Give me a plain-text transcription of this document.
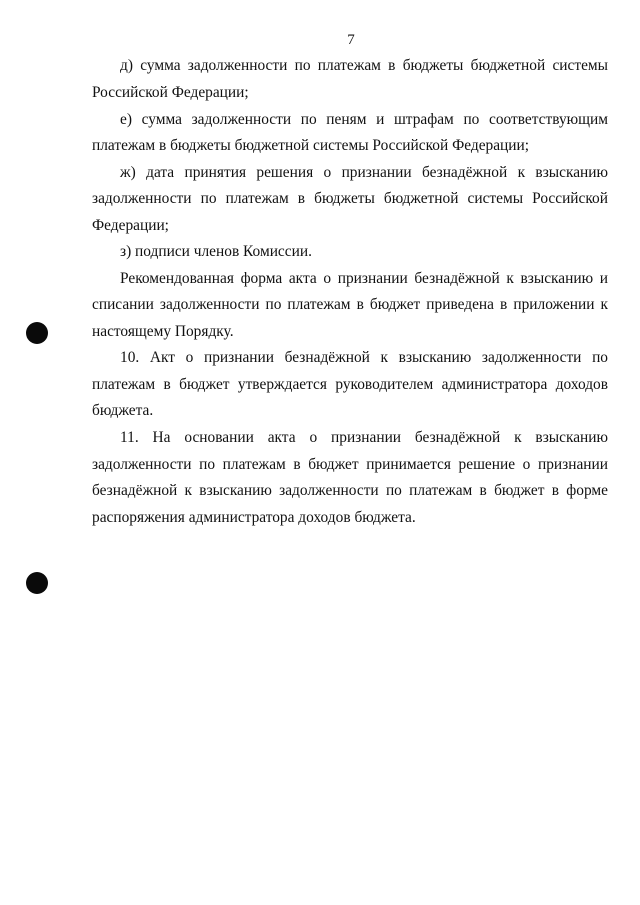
7
д) сумма задолженности по платежам в бюджеты бюджетной системы
Российской Федерации;
е) сумма задолженности по пеням и штрафам по соответствующим
платежам в бюджеты бюджетной системы Российской Федерации;
ж) дата принятия решения о признании безнадёжной к взысканию
задолженности по платежам в бюджеты бюджетной системы Российской
Федерации;
з) подписи членов Комиссии.
Рекомендованная форма акта о признании безнадёжной к взысканию и
списании задолженности по платежам в бюджет приведена в приложении к
настоящему Порядку.
10. Акт о признании безнадёжной к взысканию задолженности по
платежам в бюджет утверждается руководителем администратора доходов
бюджета.
11. На основании акта о признании безнадёжной к взысканию
задолженности по платежам в бюджет принимается решение о признании
безнадёжной к взысканию задолженности по платежам в бюджет в форме
распоряжения администратора доходов бюджета.
